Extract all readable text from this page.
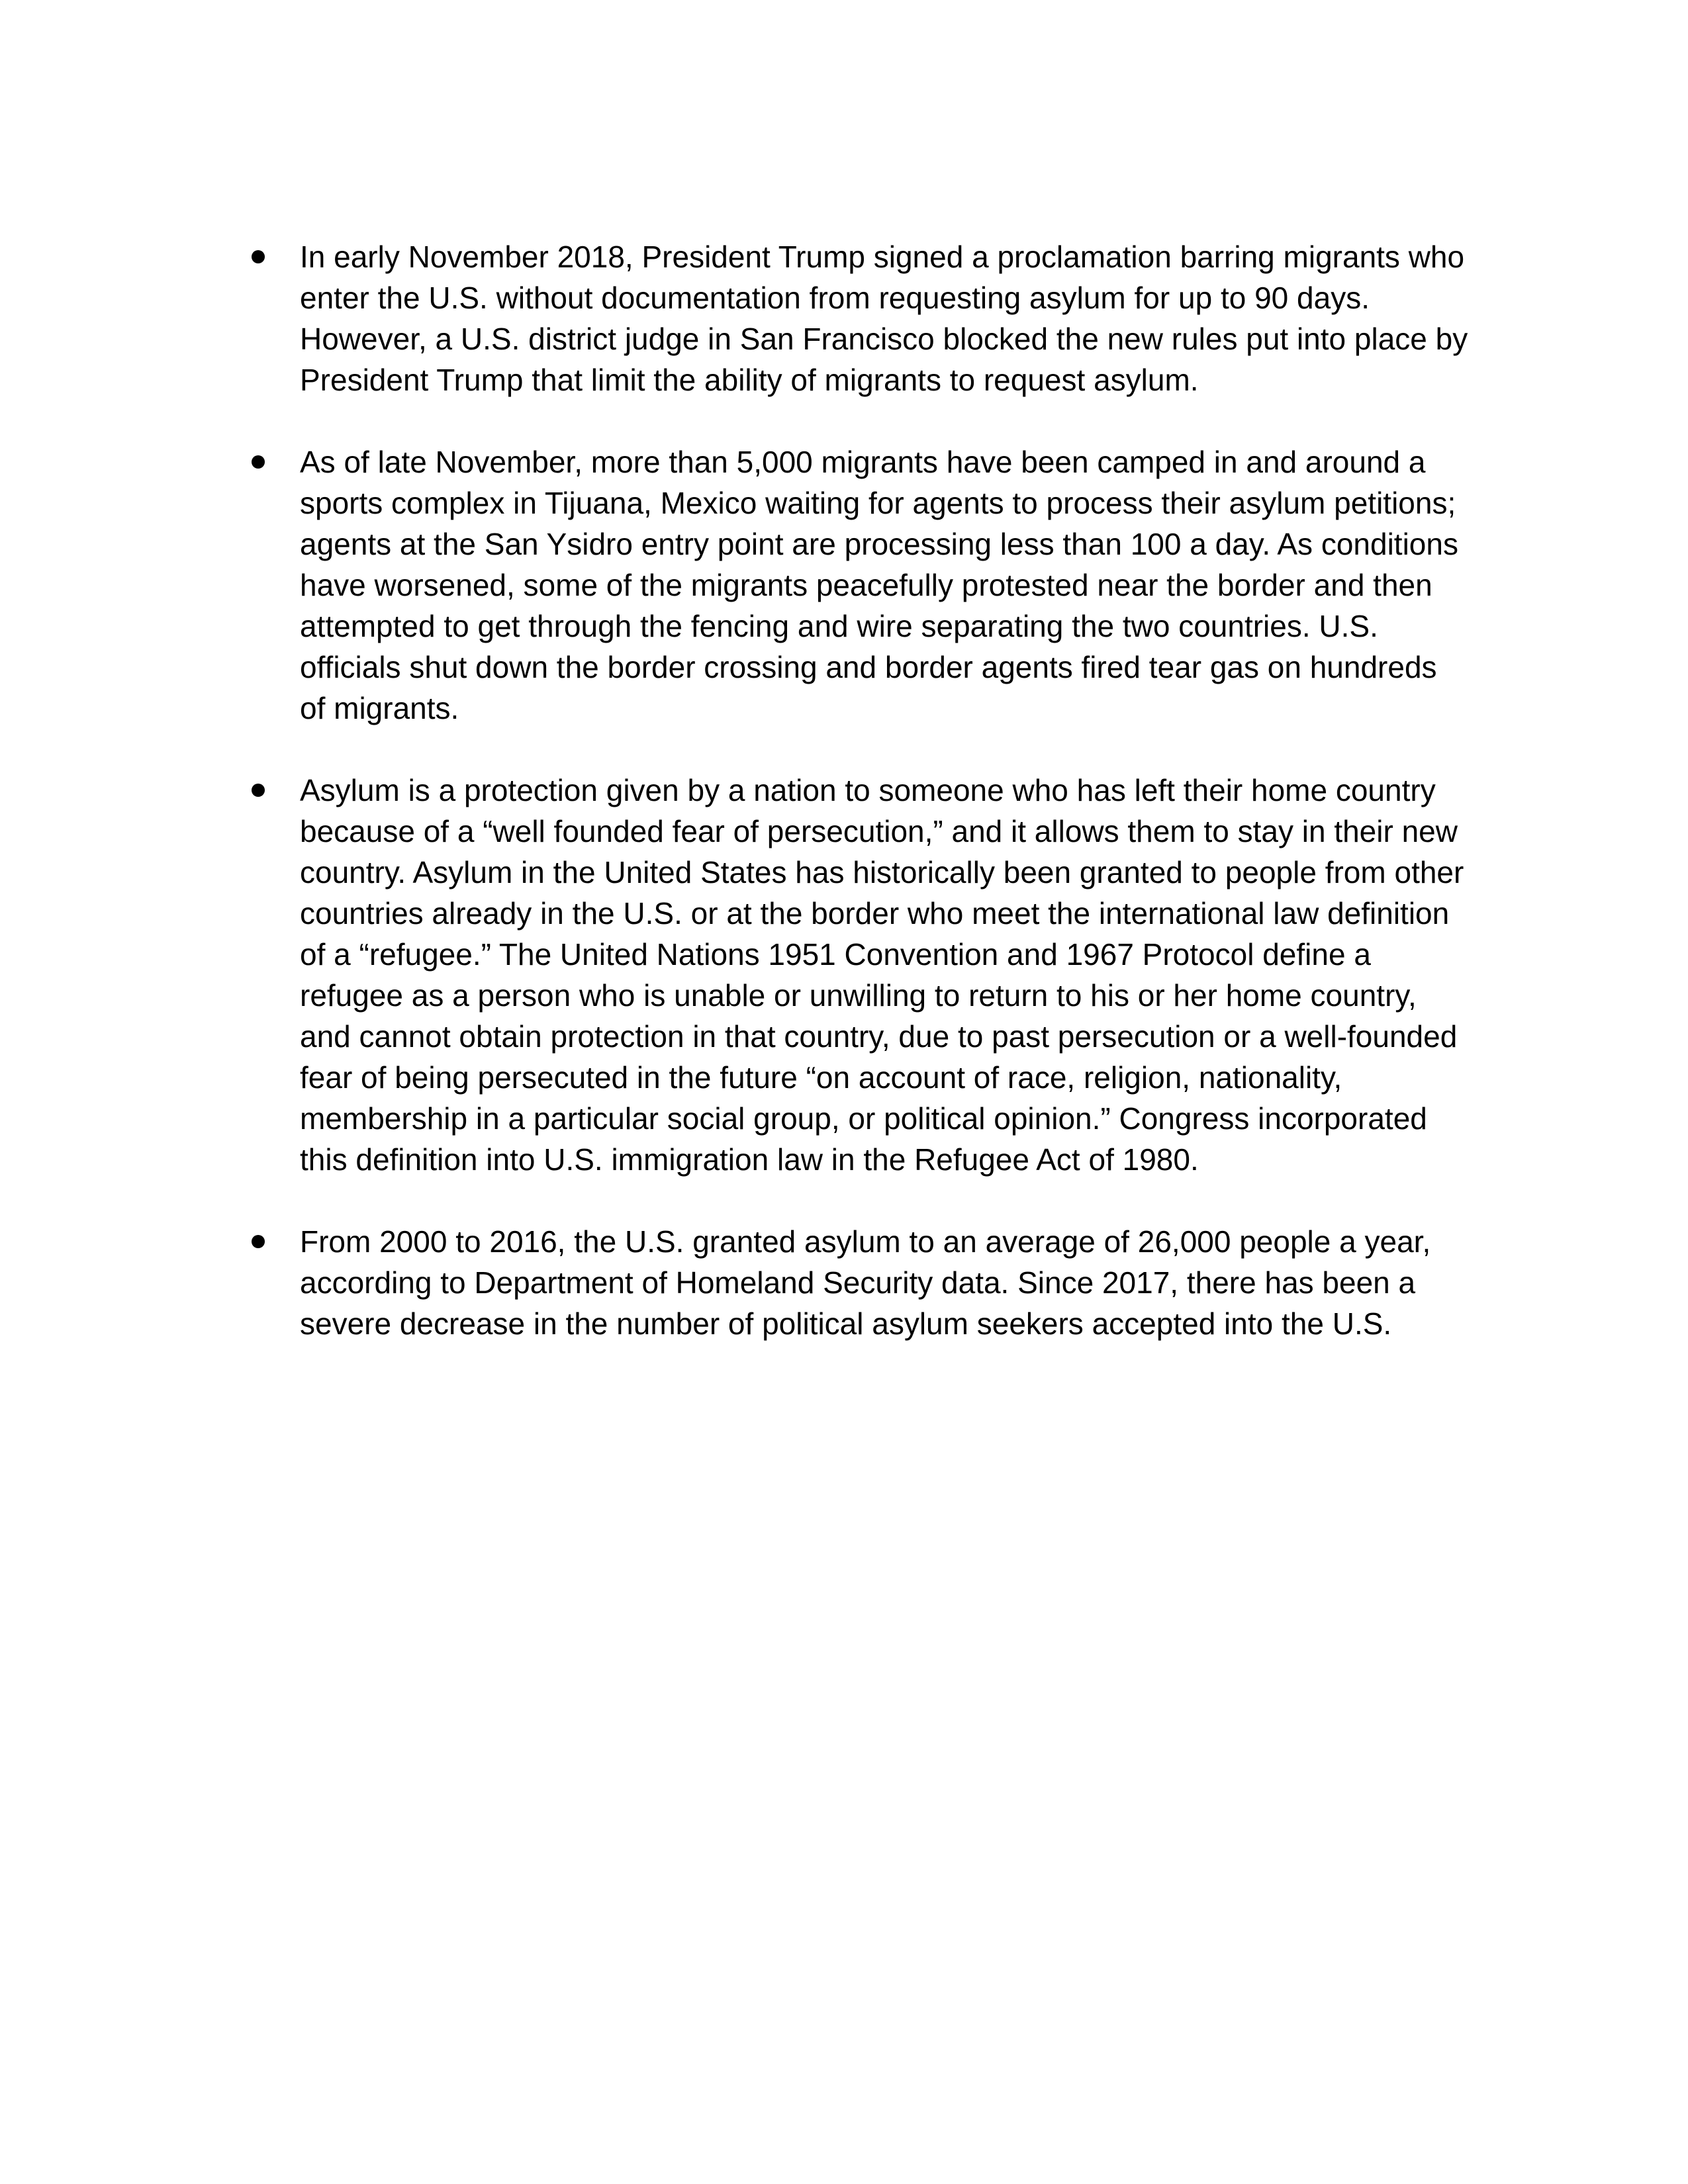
In early November 2018, President Trump signed a proclamation barring migrants who enter the U.S. without documentation from requesting asylum for up to 90 days. However, a U.S. district judge in San Francisco blocked the new rules put into place by President Trump that limit the ability of migrants to request asylum.

As of late November, more than 5,000 migrants have been camped in and around a sports complex in Tijuana, Mexico waiting for agents to process their asylum petitions; agents at the San Ysidro entry point are processing less than 100 a day. As conditions have worsened, some of the migrants peacefully protested near the border and then attempted to get through the fencing and wire separating the two countries. U.S. officials shut down the border crossing and border agents fired tear gas on hundreds of migrants.

Asylum is a protection given by a nation to someone who has left their home country because of a “well founded fear of persecution,” and it allows them to stay in their new country. Asylum in the United States has historically been granted to people from other countries already in the U.S. or at the border who meet the international law definition of a “refugee.” The United Nations 1951 Convention and 1967 Protocol define a refugee as a person who is unable or unwilling to return to his or her home country, and cannot obtain protection in that country, due to past persecution or a well-founded fear of being persecuted in the future “on account of race, religion, nationality, membership in a particular social group, or political opinion.” Congress incorporated this definition into U.S. immigration law in the Refugee Act of 1980.

From 2000 to 2016, the U.S. granted asylum to an average of 26,000 people a year, according to Department of Homeland Security data. Since 2017, there has been a severe decrease in the number of political asylum seekers accepted into the U.S.
